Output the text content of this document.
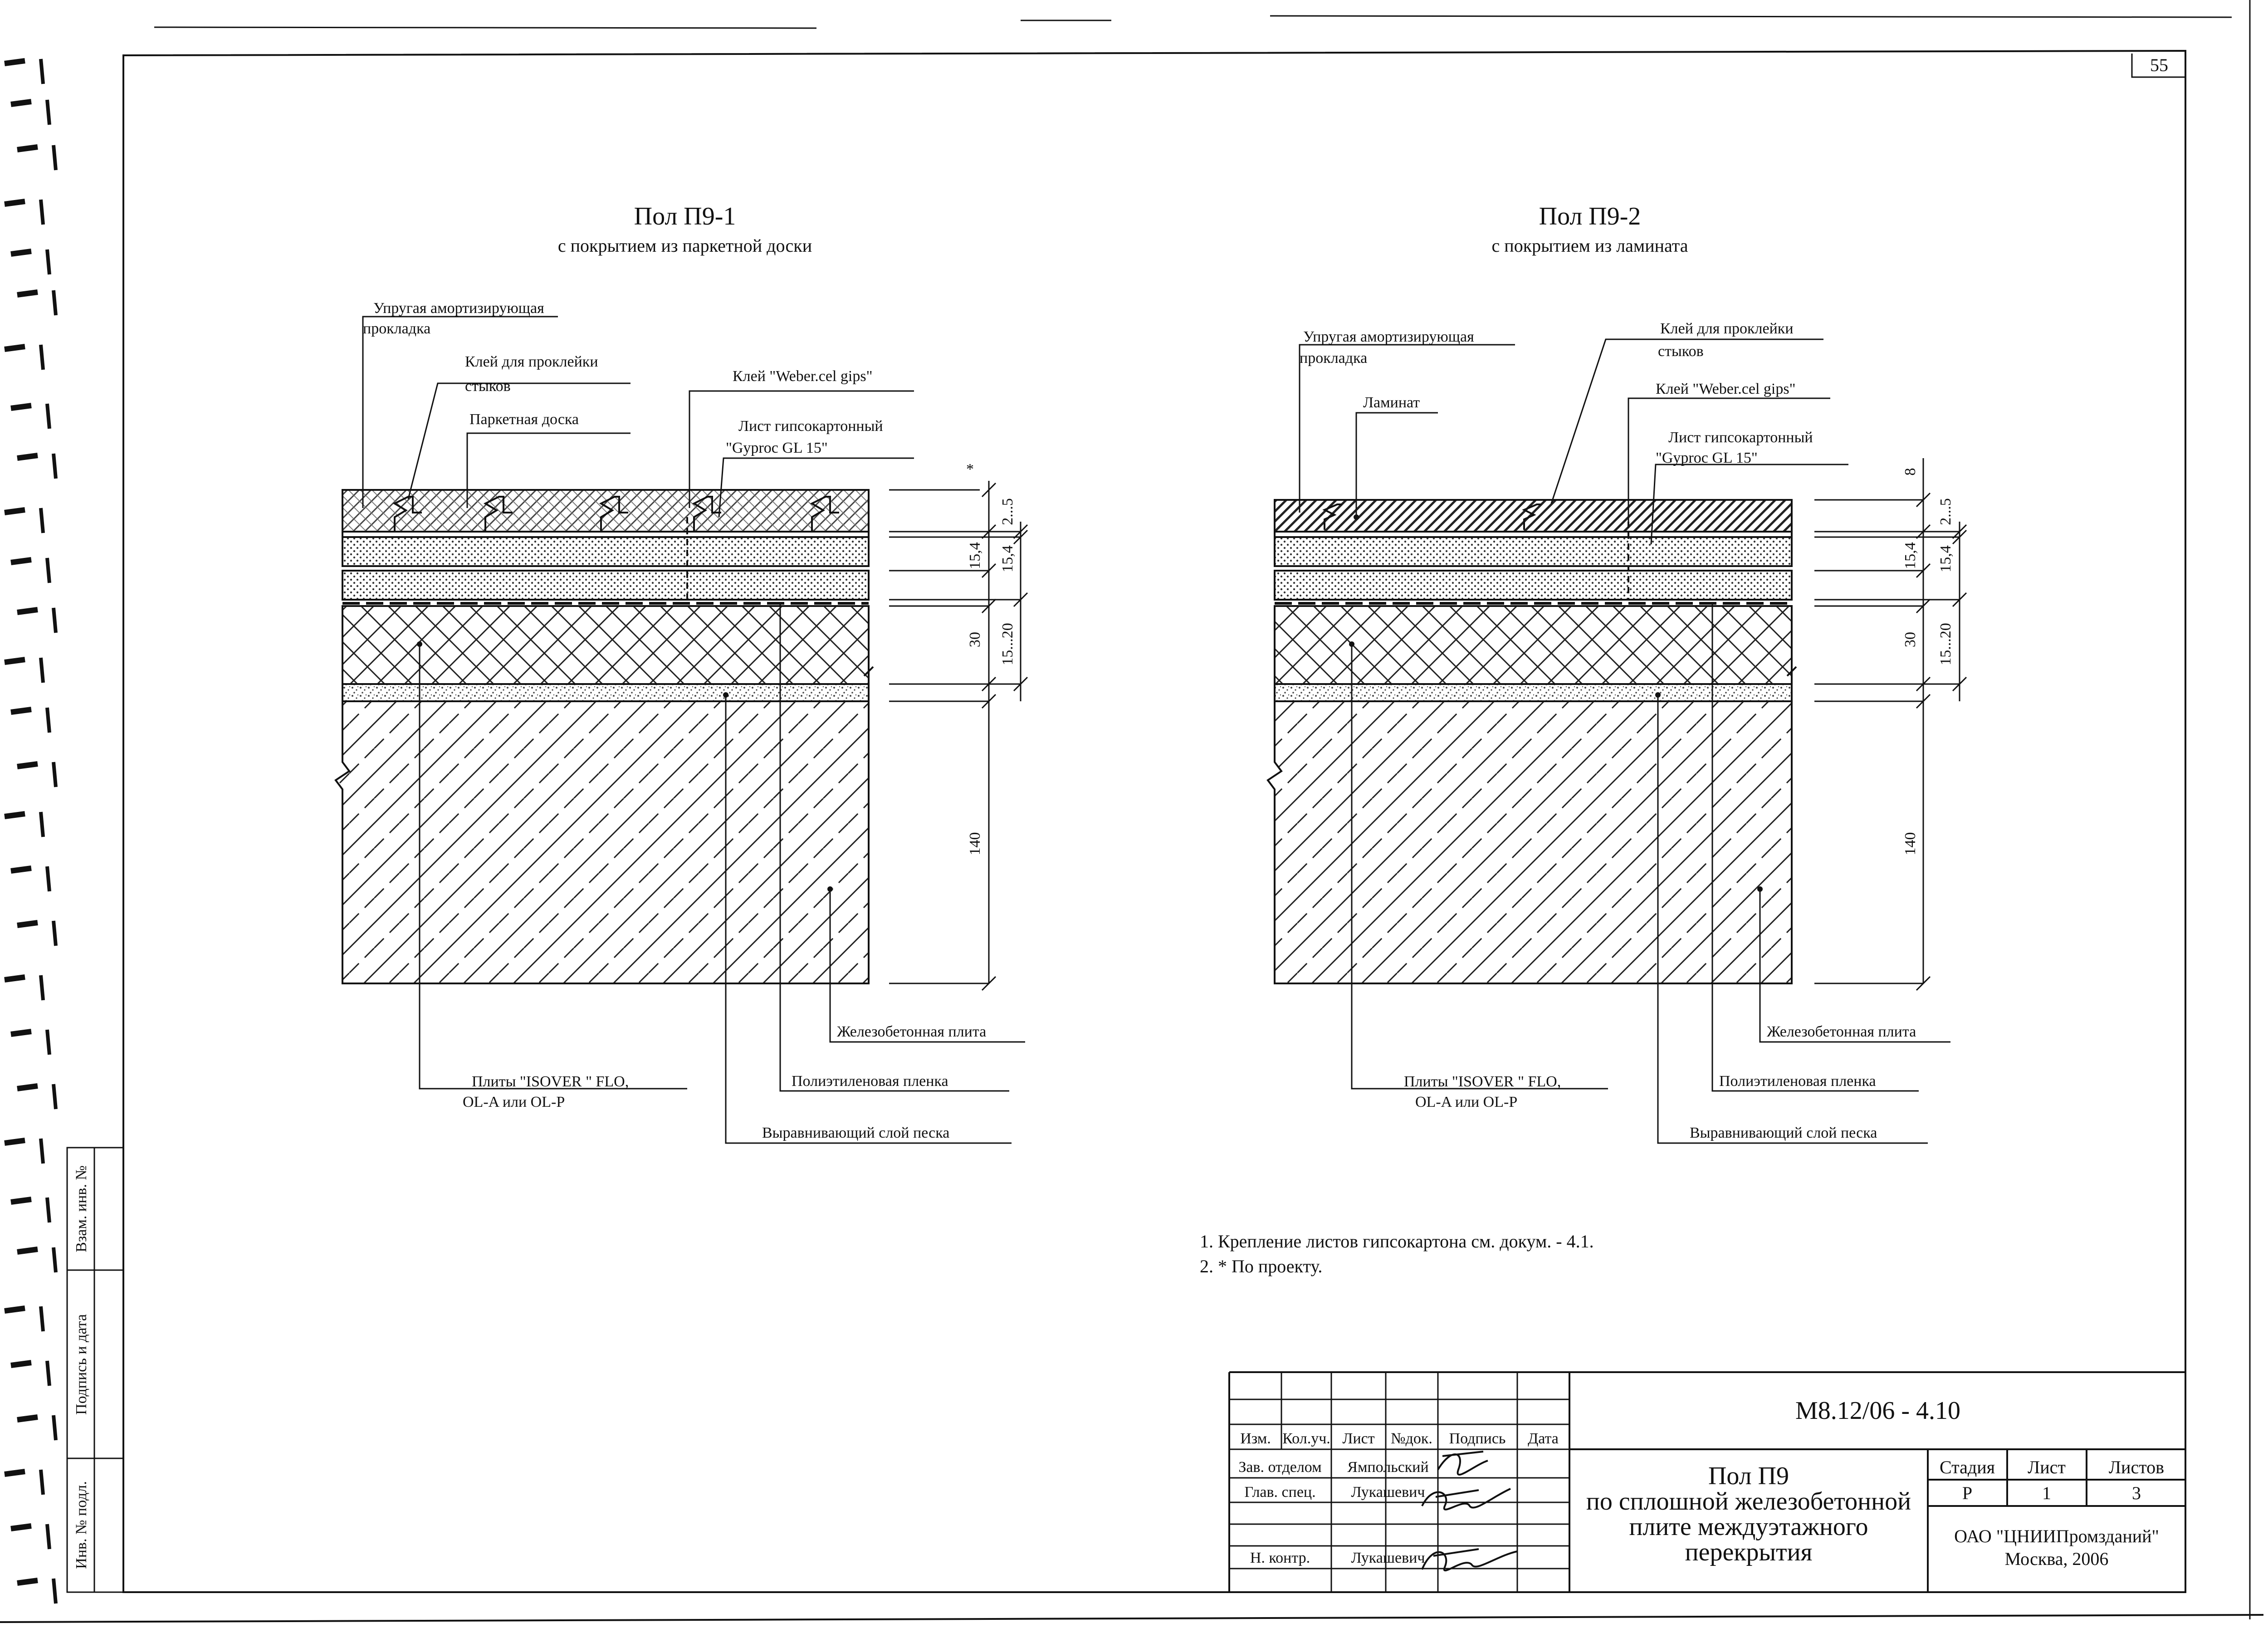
55
Пол П9-1
с покрытием из паркетной доски
Упругая амортизирующая
прокладка
Клей для проклейки
стыков
Паркетная доска
Клей "Weber.cel gips"
Лист гипсокартонный
"Gyproc GL 15"
Плиты "ISOVER " FLO,
OL-A или OL-P
Выравнивающий слой песка
Полиэтиленовая пленка
Железобетонная плита
*
2...5
15,4 15,4
30 15...20
140
Пол П9-2
с покрытием из ламината
Упругая амортизирующая
прокладка
Клей для проклейки
стыков
Ламинат
Клей "Weber.cel gips"
Лист гипсокартонный
"Gyproc GL 15"
Плиты "ISOVER " FLO,
OL-A или OL-P
Выравнивающий слой песка
Полиэтиленовая пленка
Железобетонная плита
8
2...5
15,4 15,4
30 15...20
140
1. Крепление листов гипсокартона см. докум. - 4.1.
2. * По проекту.
Взам. инв. №
Подпись и дата
Инв. № подл.
М8.12/06 - 4.10
Изм. Кол.уч. Лист №док. Подпись Дата
Зав. отделом Ямпольский
Глав. спец. Лукашевич
Н. контр.	Лукашевич
Пол П9
по сплошной железобетонной
плите междуэтажного
перекрытия
Стадия Лист Листов
Р	1	3
ОАО "ЦНИИПромзданий"
Москва, 2006
